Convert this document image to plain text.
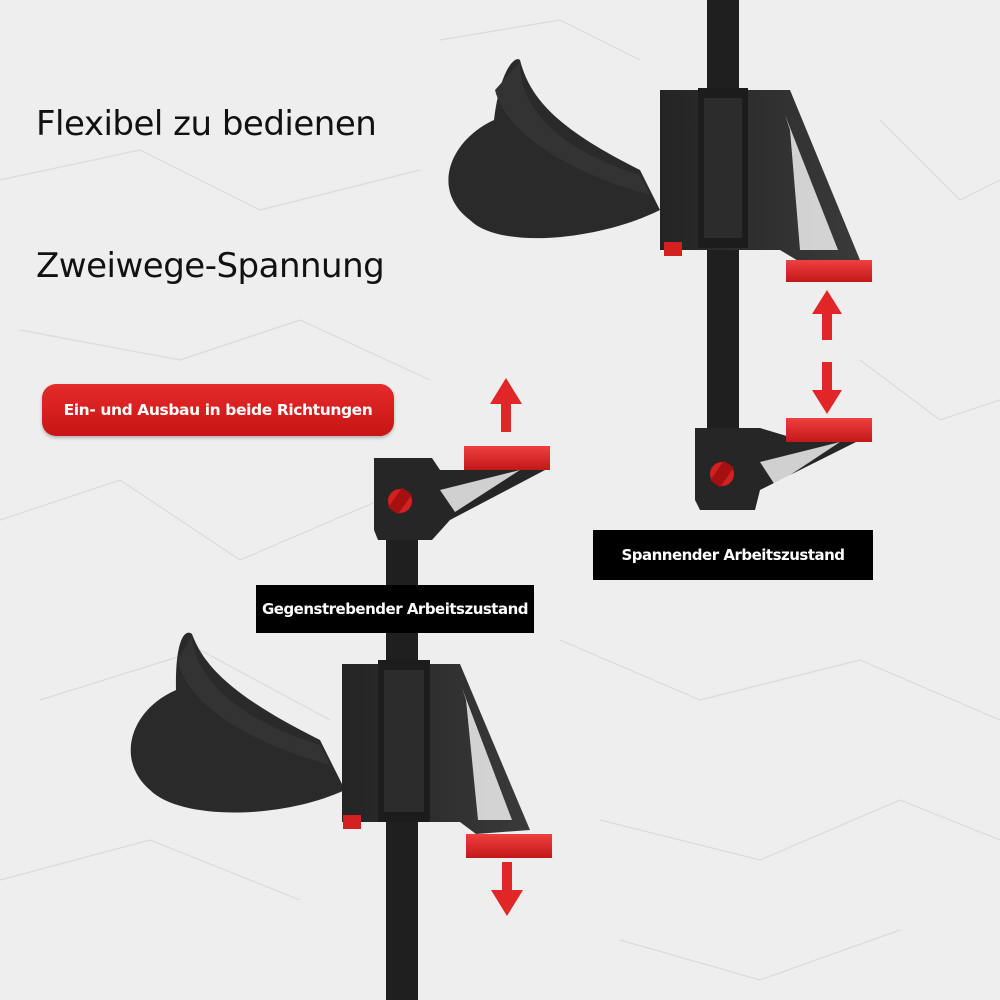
Flexibel zu bedienen
Zweiwege-Spannung
Ein- und Ausbau in beide Richtungen
Spannender Arbeitszustand
Gegenstrebender Arbeitszustand
